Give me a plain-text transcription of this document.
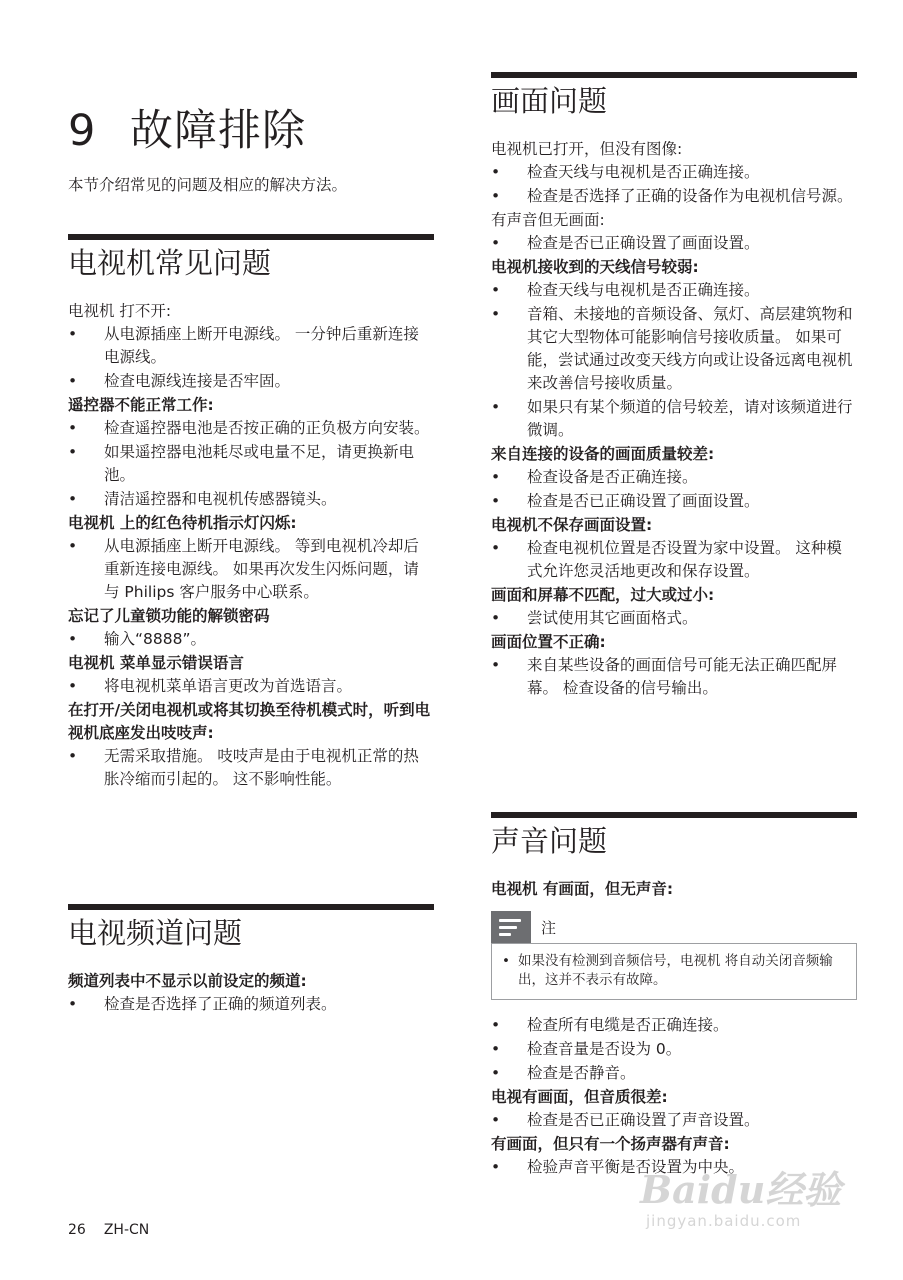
9 故障排除
本节介绍常见的问题及相应的解决方法。
电视机常见问题
电视机 打不开:
• 从电源插座上断开电源线。 一分钟后重新连接电源线。
• 检查电源线连接是否牢固。
遥控器不能正常工作:
• 检查遥控器电池是否按正确的正负极方向安装。
• 如果遥控器电池耗尽或电量不足，请更换新电池。
• 清洁遥控器和电视机传感器镜头。
电视机 上的红色待机指示灯闪烁:
• 从电源插座上断开电源线。 等到电视机冷却后重新连接电源线。 如果再次发生闪烁问题，请与 Philips 客户服务中心联系。
忘记了儿童锁功能的解锁密码
• 输入“8888”。
电视机 菜单显示错误语言
• 将电视机菜单语言更改为首选语言。
在打开/关闭电视机或将其切换至待机模式时，听到电视机底座发出吱吱声:
• 无需采取措施。 吱吱声是由于电视机正常的热胀冷缩而引起的。 这不影响性能。
电视频道问题
频道列表中不显示以前设定的频道:
• 检查是否选择了正确的频道列表。
画面问题
电视机已打开，但没有图像:
• 检查天线与电视机是否正确连接。
• 检查是否选择了正确的设备作为电视机信号源。
有声音但无画面:
• 检查是否已正确设置了画面设置。
电视机接收到的天线信号较弱:
• 检查天线与电视机是否正确连接。
• 音箱、未接地的音频设备、氖灯、高层建筑物和其它大型物体可能影响信号接收质量。 如果可能，尝试通过改变天线方向或让设备远离电视机来改善信号接收质量。
• 如果只有某个频道的信号较差，请对该频道进行微调。
来自连接的设备的画面质量较差:
• 检查设备是否正确连接。
• 检查是否已正确设置了画面设置。
电视机不保存画面设置:
• 检查电视机位置是否设置为家中设置。 这种模式允许您灵活地更改和保存设置。
画面和屏幕不匹配，过大或过小:
• 尝试使用其它画面格式。
画面位置不正确:
• 来自某些设备的画面信号可能无法正确匹配屏幕。 检查设备的信号输出。
声音问题
电视机 有画面，但无声音:
注
• 如果没有检测到音频信号，电视机 将自动关闭音频输出，这并不表示有故障。
• 检查所有电缆是否正确连接。
• 检查音量是否设为 0。
• 检查是否静音。
电视有画面，但音质很差:
• 检查是否已正确设置了声音设置。
有画面，但只有一个扬声器有声音:
• 检验声音平衡是否设置为中央。
26 ZH-CN
Baidu经验
jingyan.baidu.com
